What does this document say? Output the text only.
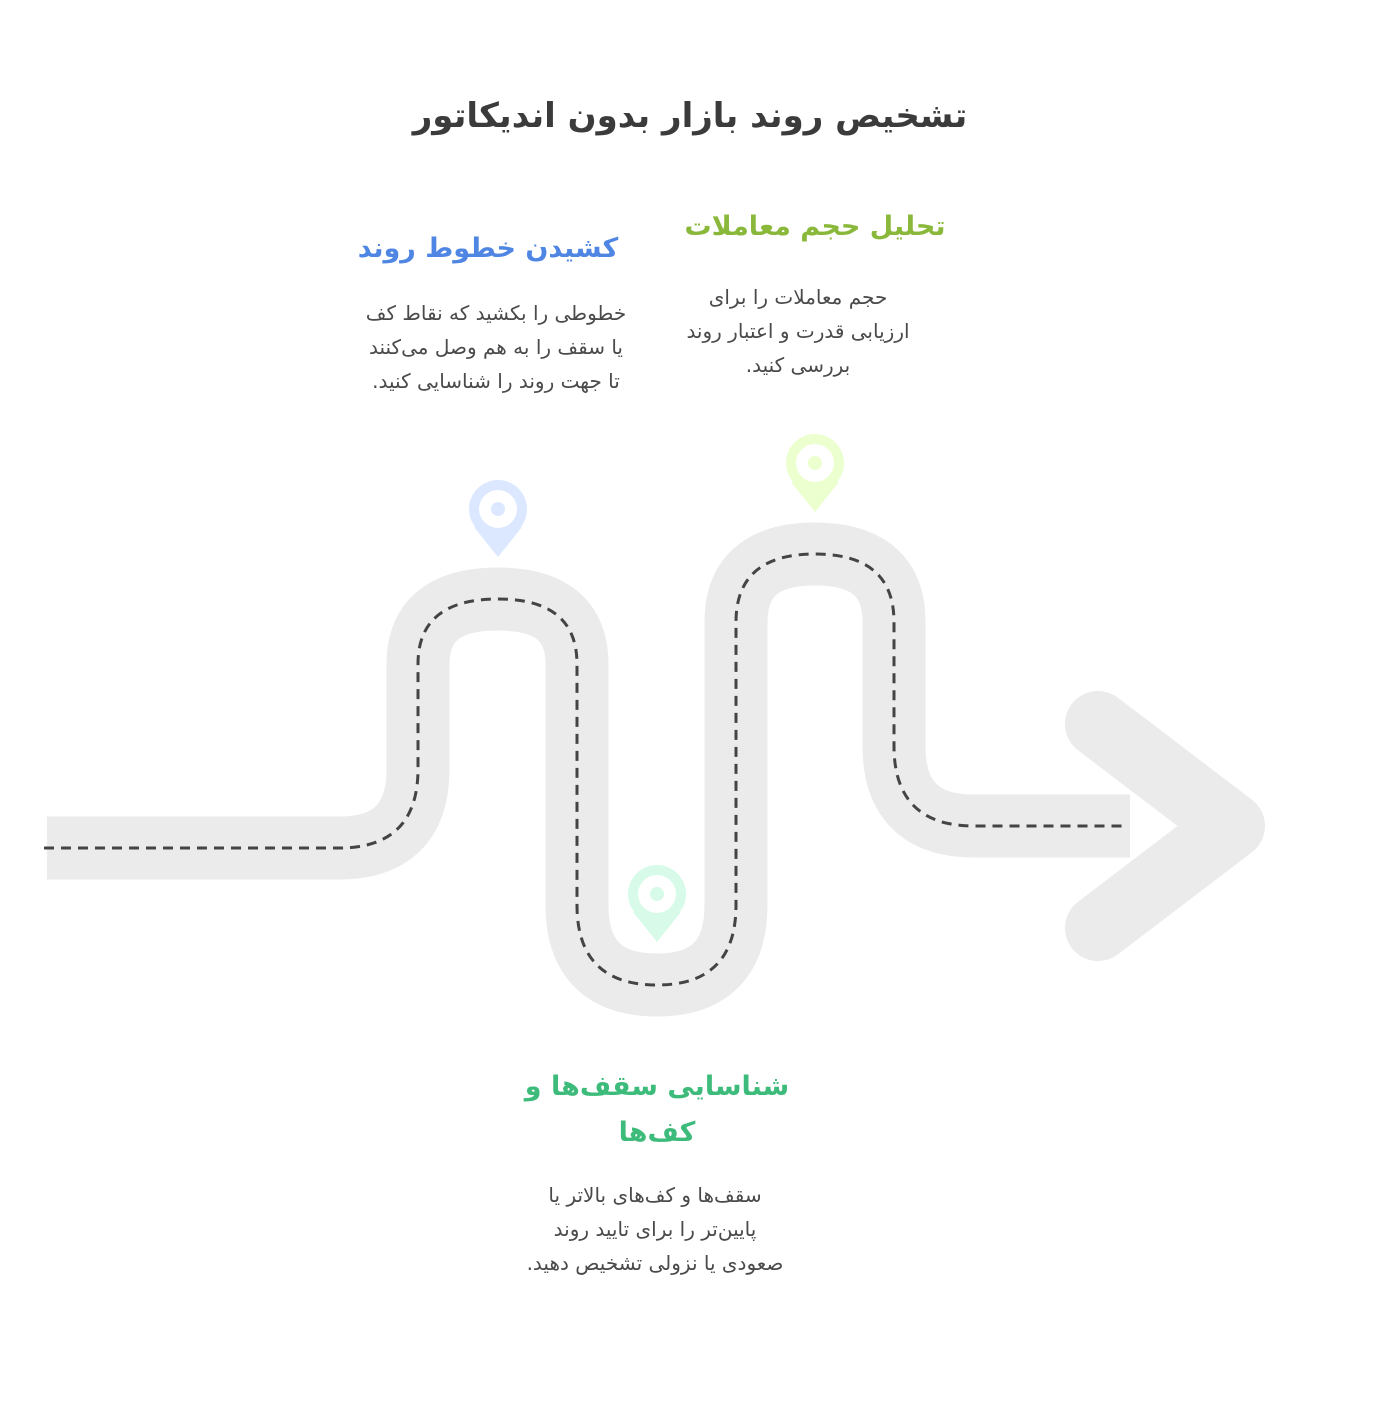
تشخیص روند بازار بدون اندیکاتور
کشیدن خطوط روند
خطوطی را بکشید که نقاط کف یا سقف را به هم وصل می‌کنند تا جهت روند را شناسایی کنید.
تحلیل حجم معاملات
حجم معاملات را برای ارزیابی قدرت و اعتبار روند بررسی کنید.
شناسایی سقف‌ها و کف‌ها
سقف‌ها و کف‌های بالاتر یا پایین‌تر را برای تایید روند صعودی یا نزولی تشخیص دهید.
